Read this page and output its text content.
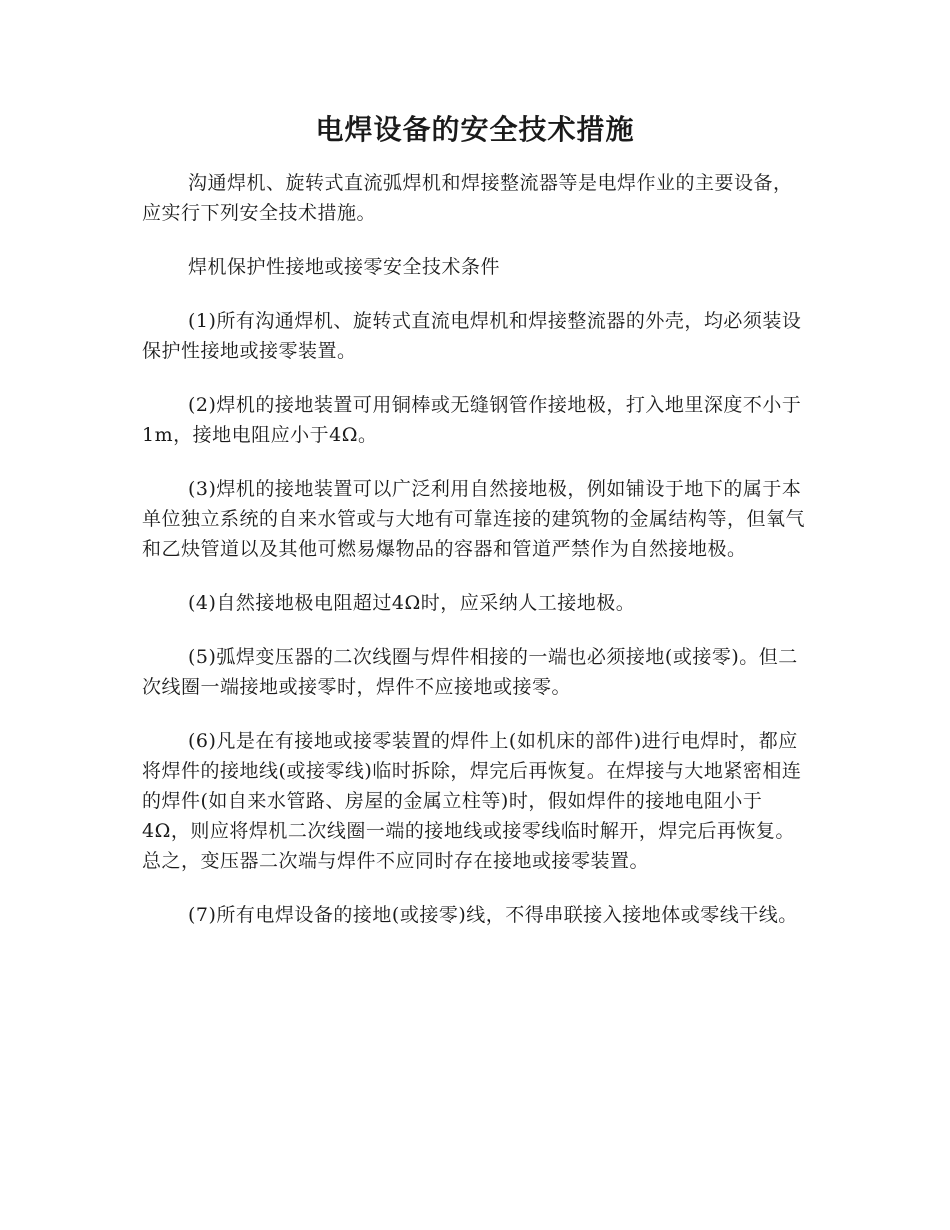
电焊设备的安全技术措施

沟通焊机、旋转式直流弧焊机和焊接整流器等是电焊作业的主要设备，应实行下列安全技术措施。

焊机保护性接地或接零安全技术条件

(1)所有沟通焊机、旋转式直流电焊机和焊接整流器的外壳，均必须装设保护性接地或接零装置。

(2)焊机的接地装置可用铜棒或无缝钢管作接地极，打入地里深度不小于1m，接地电阻应小于4Ω。

(3)焊机的接地装置可以广泛利用自然接地极，例如铺设于地下的属于本单位独立系统的自来水管或与大地有可靠连接的建筑物的金属结构等，但氧气和乙炔管道以及其他可燃易爆物品的容器和管道严禁作为自然接地极。

(4)自然接地极电阻超过4Ω时，应采纳人工接地极。

(5)弧焊变压器的二次线圈与焊件相接的一端也必须接地(或接零)。但二次线圈一端接地或接零时，焊件不应接地或接零。

(6)凡是在有接地或接零装置的焊件上(如机床的部件)进行电焊时，都应将焊件的接地线(或接零线)临时拆除，焊完后再恢复。在焊接与大地紧密相连的焊件(如自来水管路、房屋的金属立柱等)时，假如焊件的接地电阻小于4Ω，则应将焊机二次线圈一端的接地线或接零线临时解开，焊完后再恢复。总之，变压器二次端与焊件不应同时存在接地或接零装置。

(7)所有电焊设备的接地(或接零)线，不得串联接入接地体或零线干线。
